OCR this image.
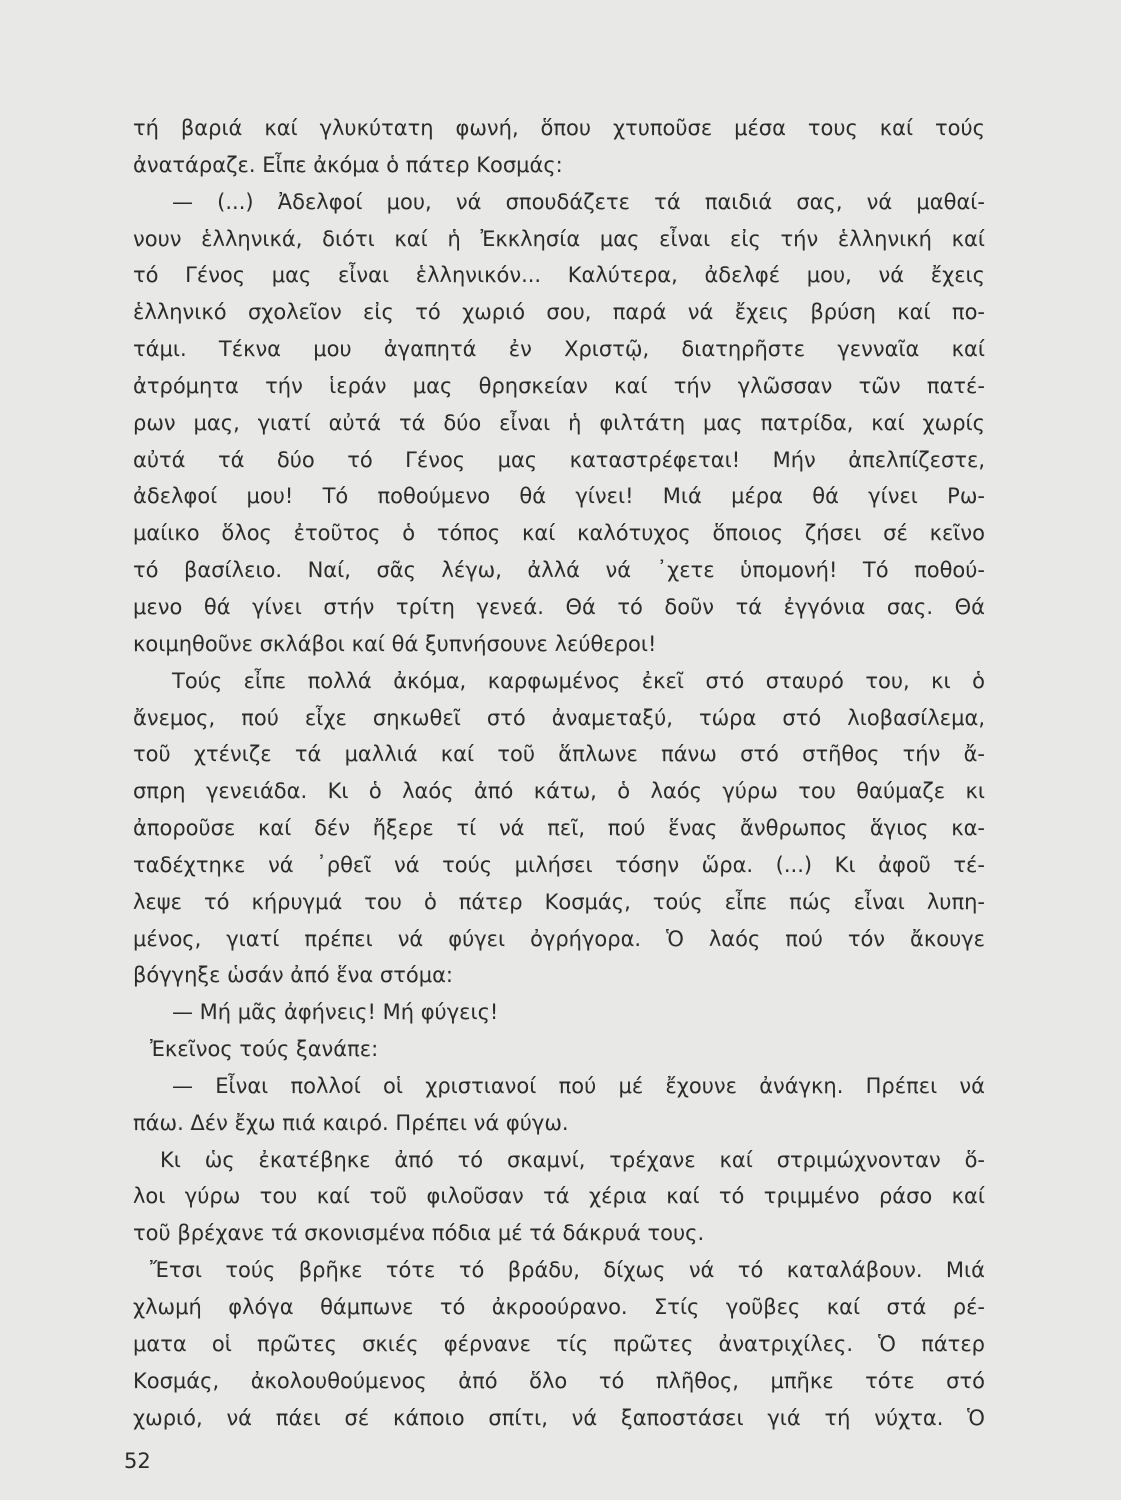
τή βαριά καί γλυκύτατη φωνή, ὅπου χτυποῦσε μέσα τους καί τούς
ἀνατάραζε. Εἶπε ἀκόμα ὁ πάτερ Κοσμάς:
— (...) Ἀδελφοί μου, νά σπουδάζετε τά παιδιά σας, νά μαθαί-
νουν ἑλληνικά, διότι καί ἡ Ἐκκλησία μας εἶναι εἰς τήν ἑλληνική καί
τό Γένος μας εἶναι ἑλληνικόν... Καλύτερα, ἀδελφέ μου, νά ἔχεις
ἑλληνικό σχολεῖον εἰς τό χωριό σου, παρά νά ἔχεις βρύση καί πο-
τάμι. Τέκνα μου ἀγαπητά ἐν Χριστῷ, διατηρῆστε γενναῖα καί
ἀτρόμητα τήν ἱεράν μας θρησκείαν καί τήν γλῶσσαν τῶν πατέ-
ρων μας, γιατί αὐτά τά δύο εἶναι ἡ φιλτάτη μας πατρίδα, καί χωρίς
αὐτά τά δύο τό Γένος μας καταστρέφεται! Μήν ἀπελπίζεστε,
ἀδελφοί μου! Τό ποθούμενο θά γίνει! Μιά μέρα θά γίνει Ρω-
μαίικο ὅλος ἐτοῦτος ὁ τόπος καί καλότυχος ὅποιος ζήσει σέ κεῖνο
τό βασίλειο. Ναί, σᾶς λέγω, ἀλλά νά ᾽χετε ὑπομονή! Τό ποθού-
μενο θά γίνει στήν τρίτη γενεά. Θά τό δοῦν τά ἐγγόνια σας. Θά
κοιμηθοῦνε σκλάβοι καί θά ξυπνήσουνε λεύθεροι!
Τούς εἶπε πολλά ἀκόμα, καρφωμένος ἐκεῖ στό σταυρό του, κι ὁ
ἄνεμος, πού εἶχε σηκωθεῖ στό ἀναμεταξύ, τώρα στό λιοβασίλεμα,
τοῦ χτένιζε τά μαλλιά καί τοῦ ἅπλωνε πάνω στό στῆθος τήν ἄ-
σπρη γενειάδα. Κι ὁ λαός ἀπό κάτω, ὁ λαός γύρω του θαύμαζε κι
ἀποροῦσε καί δέν ἤξερε τί νά πεῖ, πού ἕνας ἄνθρωπος ἅγιος κα-
ταδέχτηκε νά ᾽ρθεῖ νά τούς μιλήσει τόσην ὥρα. (...) Κι ἀφοῦ τέ-
λεψε τό κήρυγμά του ὁ πάτερ Κοσμάς, τούς εἶπε πώς εἶναι λυπη-
μένος, γιατί πρέπει νά φύγει ὀγρήγορα. Ὁ λαός πού τόν ἄκουγε
βόγγηξε ὡσάν ἀπό ἕνα στόμα:
— Μή μᾶς ἀφήνεις! Μή φύγεις!
Ἐκεῖνος τούς ξανάπε:
— Εἶναι πολλοί οἱ χριστιανοί πού μέ ἔχουνε ἀνάγκη. Πρέπει νά
πάω. Δέν ἔχω πιά καιρό. Πρέπει νά φύγω.
Κι ὡς ἐκατέβηκε ἀπό τό σκαμνί, τρέχανε καί στριμώχνονταν ὅ-
λοι γύρω του καί τοῦ φιλοῦσαν τά χέρια καί τό τριμμένο ράσο καί
τοῦ βρέχανε τά σκονισμένα πόδια μέ τά δάκρυά τους.
Ἔτσι τούς βρῆκε τότε τό βράδυ, δίχως νά τό καταλάβουν. Μιά
χλωμή φλόγα θάμπωνε τό ἀκροούρανο. Στίς γοῦβες καί στά ρέ-
ματα οἱ πρῶτες σκιές φέρνανε τίς πρῶτες ἀνατριχίλες. Ὁ πάτερ
Κοσμάς, ἀκολουθούμενος ἀπό ὅλο τό πλῆθος, μπῆκε τότε στό
χωριό, νά πάει σέ κάποιο σπίτι, νά ξαποστάσει γιά τή νύχτα. Ὁ
52
